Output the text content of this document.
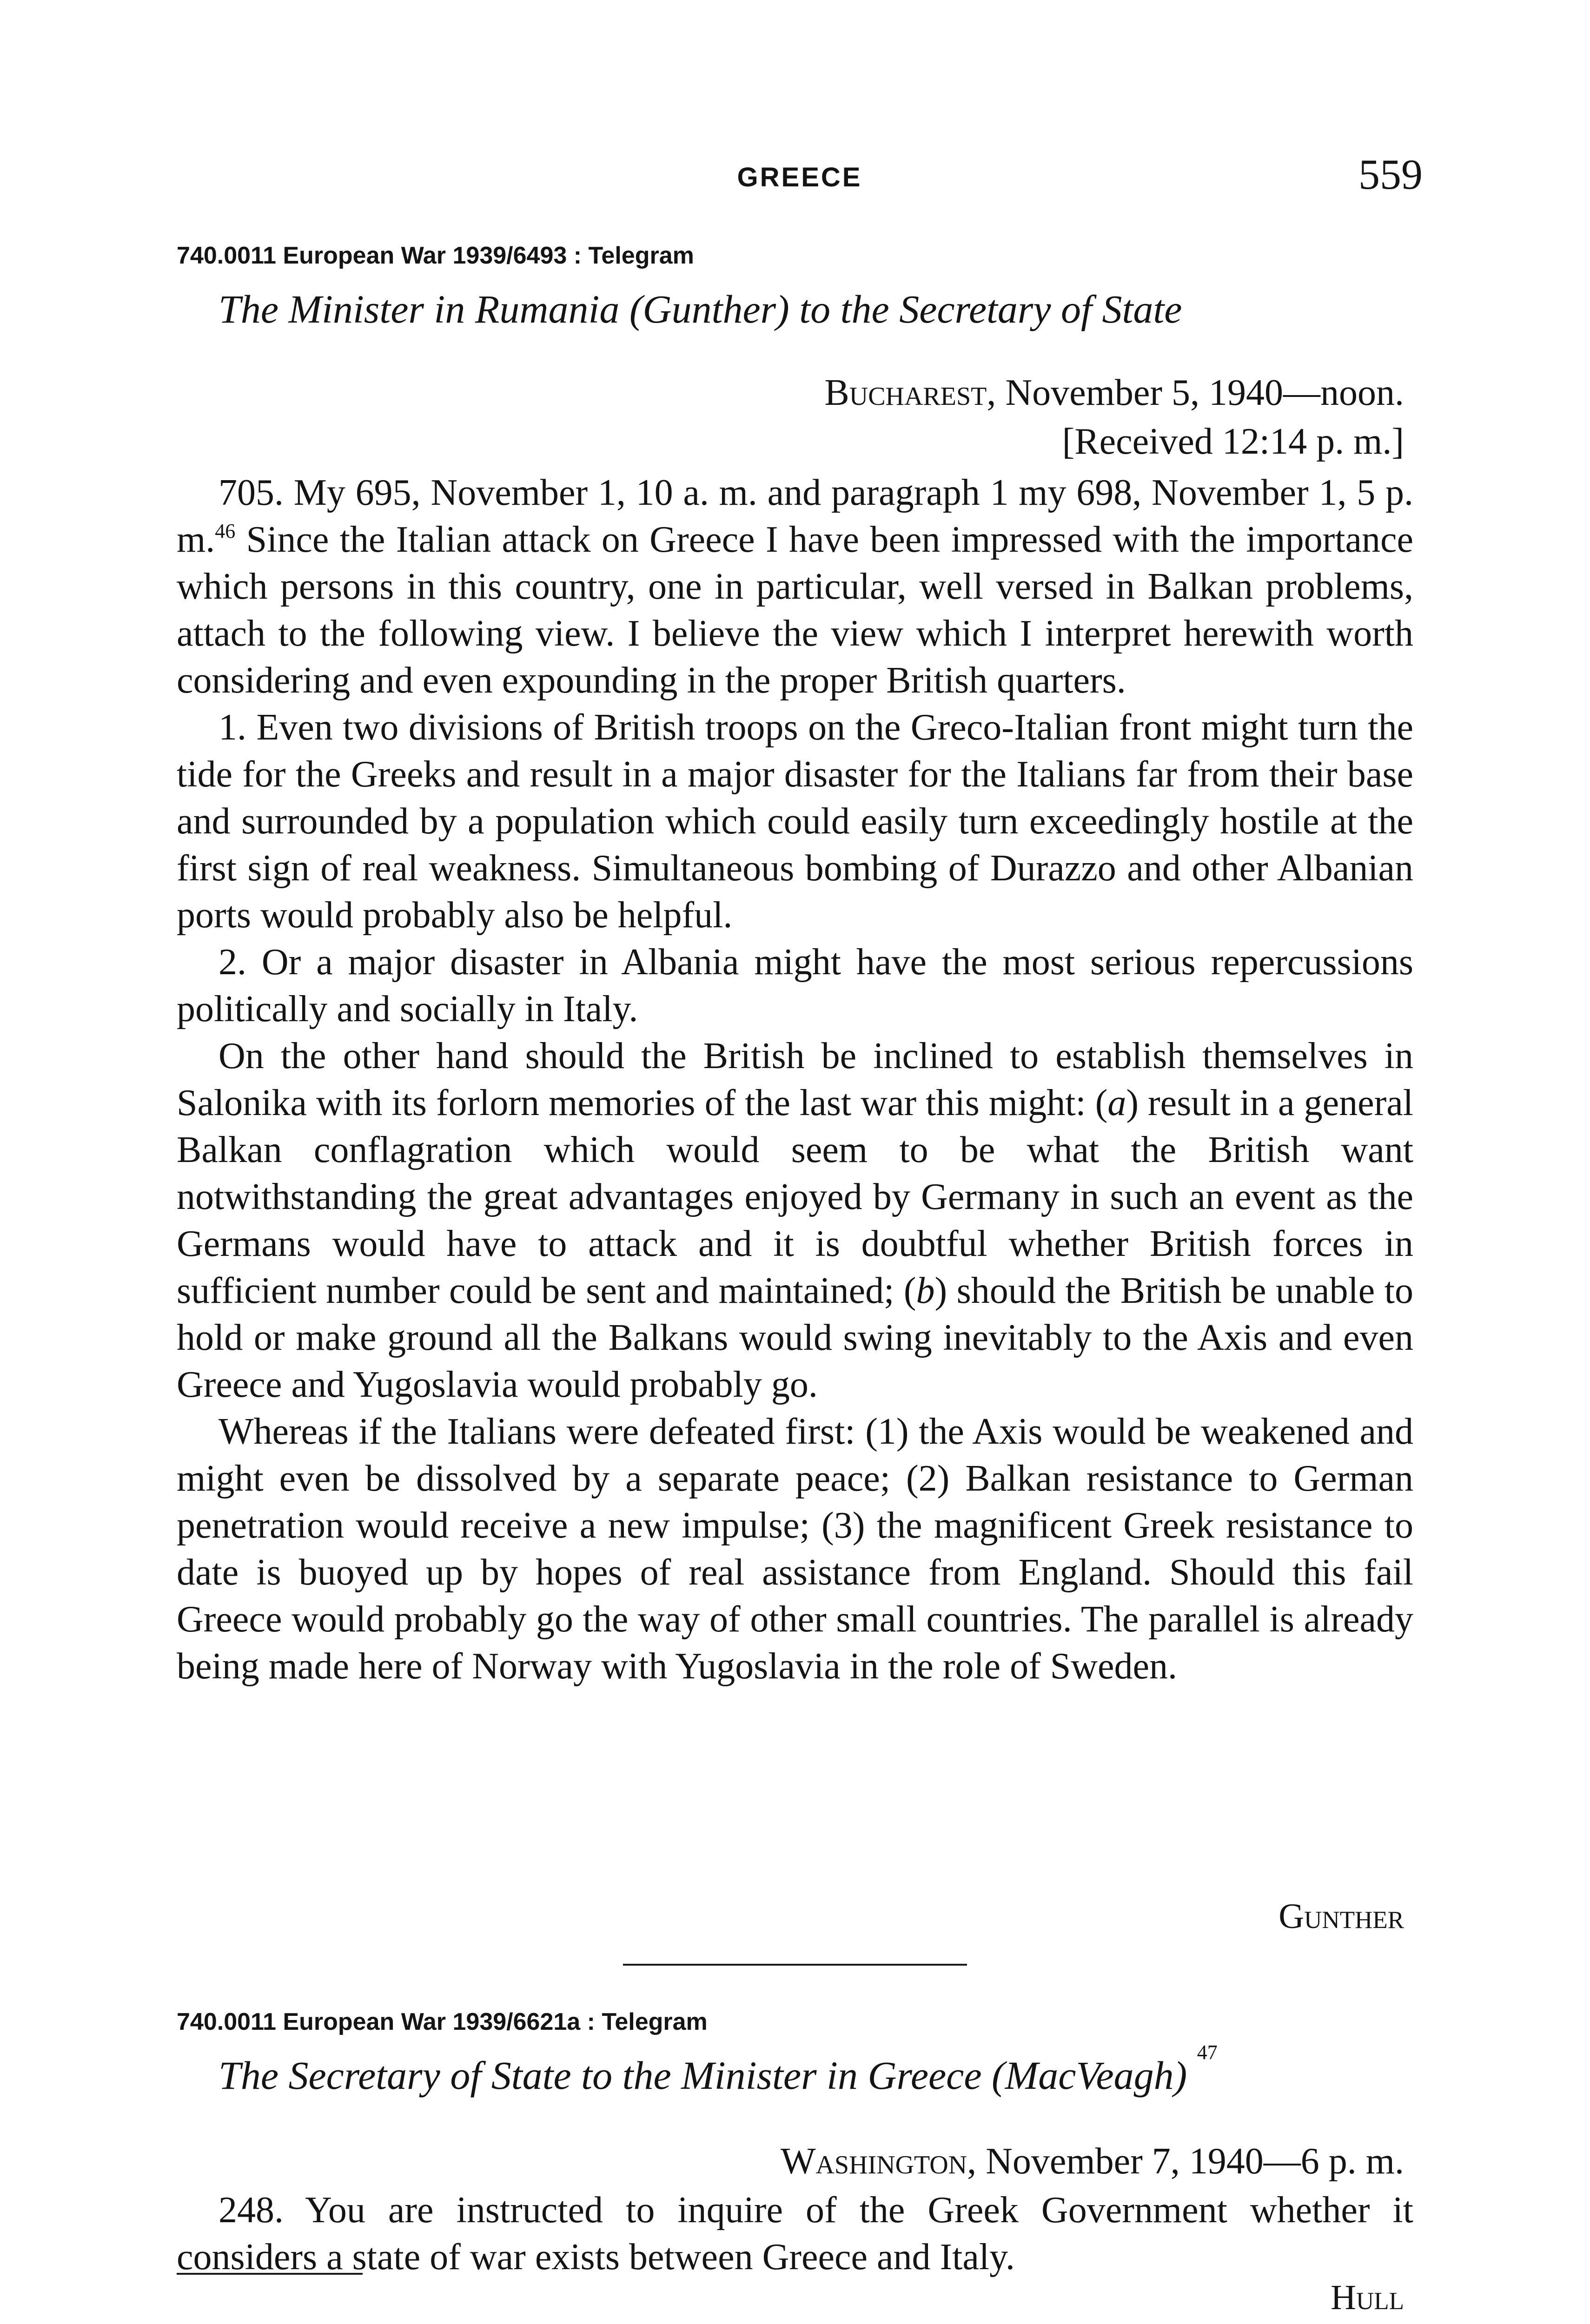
GREECE	559
740.0011 European War 1939/6493 : Telegram
The Minister in Rumania (Gunther) to the Secretary of State
Bucharest, November 5, 1940—noon.
[Received 12:14 p. m.]

705. My 695, November 1, 10 a. m. and paragraph 1 my 698, November 1, 5 p. m.$^{46}$ Since the Italian attack on Greece I have been impressed with the importance which persons in this country, one in particular, well versed in Balkan problems, attach to the following view. I believe the view which I interpret herewith worth considering and even expounding in the proper British quarters.

1. Even two divisions of British troops on the Greco-Italian front might turn the tide for the Greeks and result in a major disaster for the Italians far from their base and surrounded by a population which could easily turn exceedingly hostile at the first sign of real weakness. Simultaneous bombing of Durazzo and other Albanian ports would probably also be helpful.

2. Or a major disaster in Albania might have the most serious repercussions politically and socially in Italy.

On the other hand should the British be inclined to establish themselves in Salonika with its forlorn memories of the last war this might: (a) result in a general Balkan conflagration which would seem to be what the British want notwithstanding the great advantages enjoyed by Germany in such an event as the Germans would have to attack and it is doubtful whether British forces in sufficient number could be sent and maintained; (b) should the British be unable to hold or make ground all the Balkans would swing inevitably to the Axis and even Greece and Yugoslavia would probably go.

Whereas if the Italians were defeated first: (1) the Axis would be weakened and might even be dissolved by a separate peace; (2) Balkan resistance to German penetration would receive a new impulse; (3) the magnificent Greek resistance to date is buoyed up by hopes of real assistance from England. Should this fail Greece would probably go the way of other small countries. The parallel is already being made here of Norway with Yugoslavia in the role of Sweden.

Gunther
740.0011 European War 1939/6621a : Telegram
The Secretary of State to the Minister in Greece (MacVeagh) $^{47}$
Washington, November 7, 1940—6 p. m.

248. You are instructed to inquire of the Greek Government whether it considers a state of war exists between Greece and Italy.

Hull
